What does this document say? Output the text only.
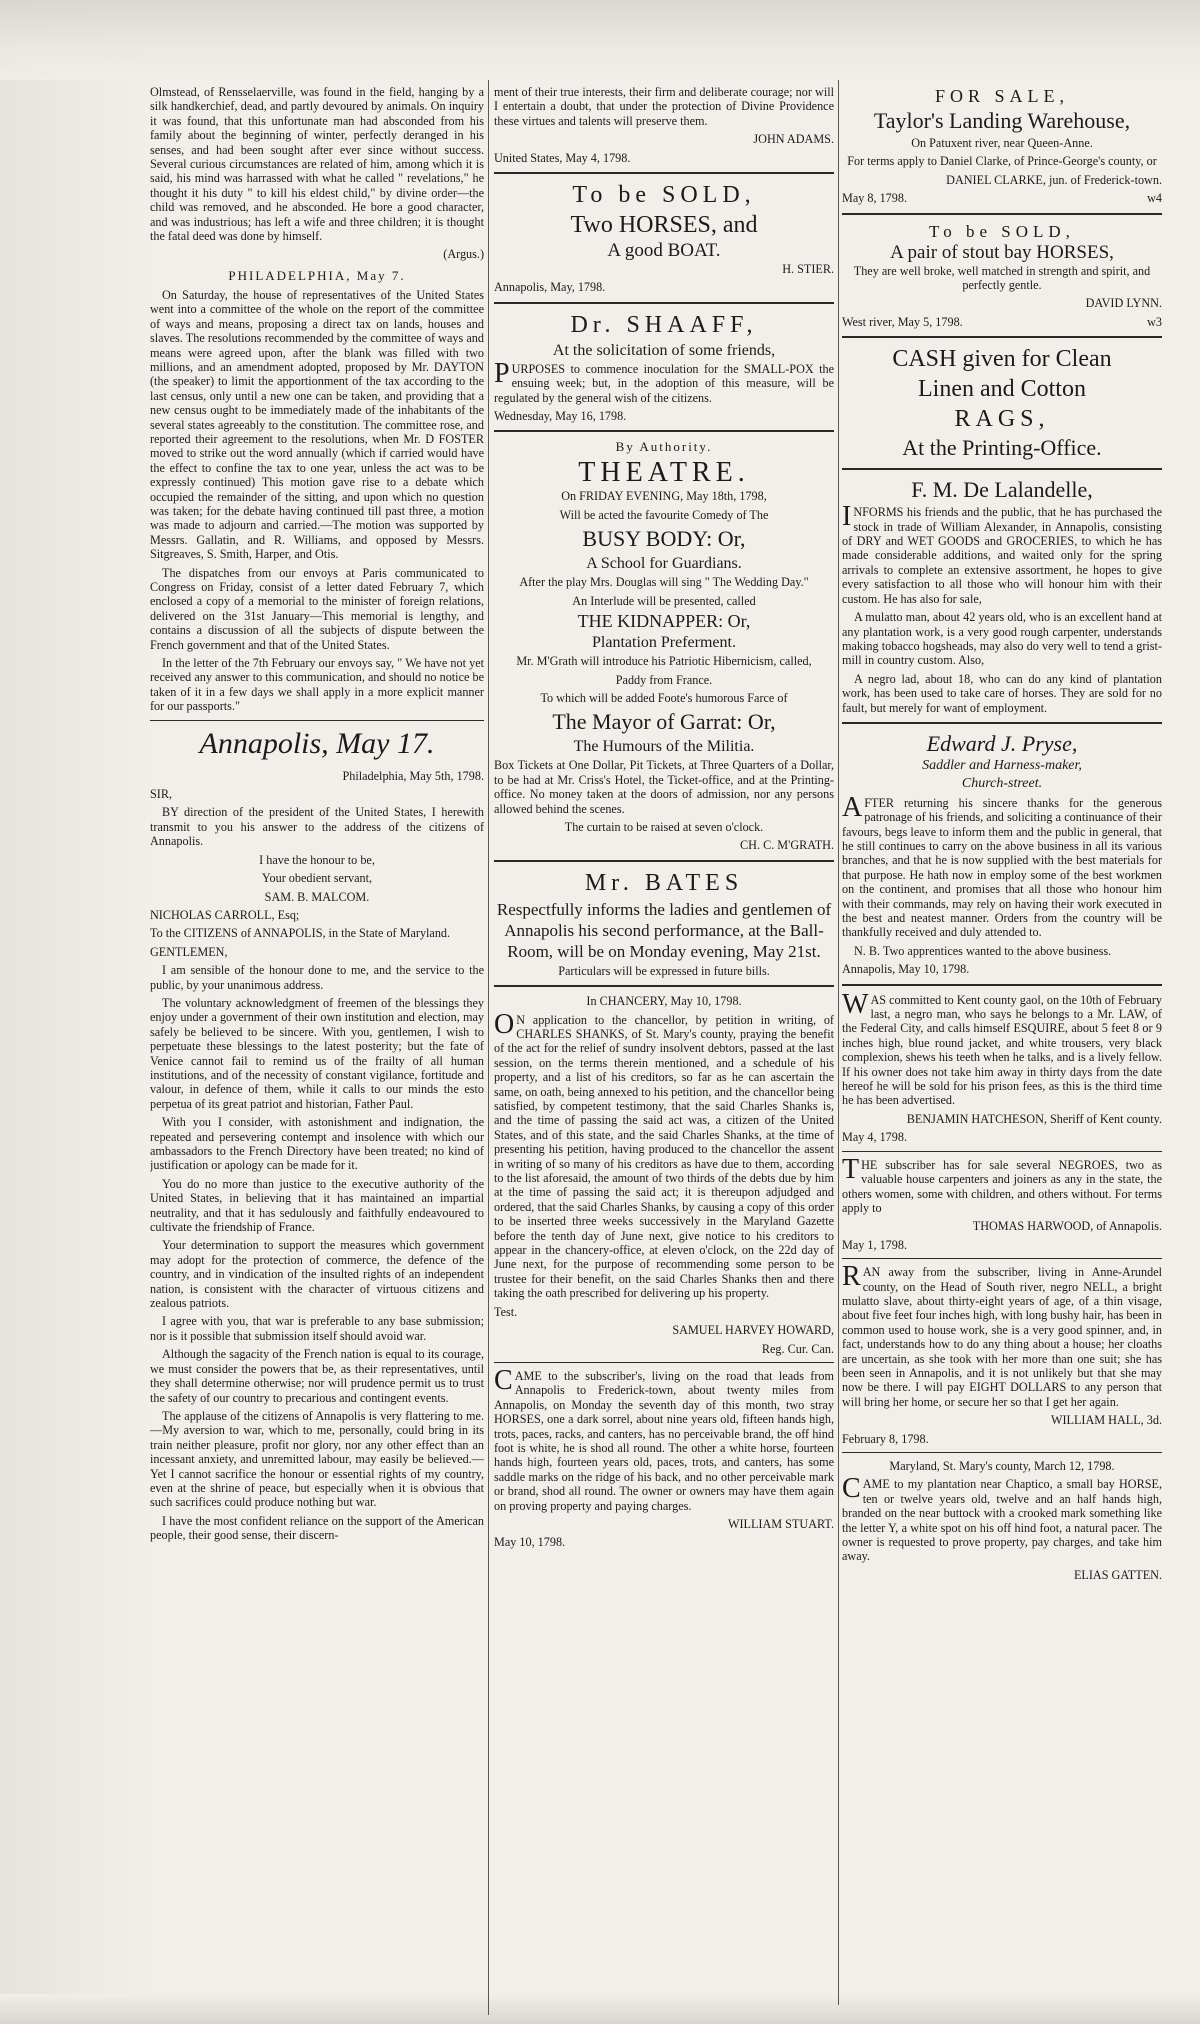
Olmstead, of Rensselaerville, was found in the field, hanging by a silk handkerchief, dead, and partly devoured by animals. On inquiry it was found, that this unfortunate man had absconded from his family about the beginning of winter, perfectly deranged in his senses, and had been sought after ever since without success. Several curious circumstances are related of him, among which it is said, his mind was harrassed with what he called " revelations," he thought it his duty " to kill his eldest child," by divine order—the child was removed, and he absconded. He bore a good character, and was industrious; has left a wife and three children; it is thought the fatal deed was done by himself.

(Argus.)

PHILADELPHIA, May 7.

On Saturday, the house of representatives of the United States went into a committee of the whole on the report of the committee of ways and means, proposing a direct tax on lands, houses and slaves. The resolutions recommended by the committee of ways and means were agreed upon, after the blank was filled with two millions, and an amendment adopted, proposed by Mr. DAYTON (the speaker) to limit the apportionment of the tax according to the last census, only until a new one can be taken, and providing that a new census ought to be immediately made of the inhabitants of the several states agreeably to the constitution. The committee rose, and reported their agreement to the resolutions, when Mr. D FOSTER moved to strike out the word annually (which if carried would have the effect to confine the tax to one year, unless the act was to be expressly continued) This motion gave rise to a debate which occupied the remainder of the sitting, and upon which no question was taken; for the debate having continued till past three, a motion was made to adjourn and carried.—The motion was supported by Messrs. Gallatin, and R. Williams, and opposed by Messrs. Sitgreaves, S. Smith, Harper, and Otis.

The dispatches from our envoys at Paris communicated to Congress on Friday, consist of a letter dated February 7, which enclosed a copy of a memorial to the minister of foreign relations, delivered on the 31st January—This memorial is lengthy, and contains a discussion of all the subjects of dispute between the French government and that of the United States.

In the letter of the 7th February our envoys say, " We have not yet received any answer to this communication, and should no notice be taken of it in a few days we shall apply in a more explicit manner for our passports."

Annapolis, May 17.

Philadelphia, May 5th, 1798.

SIR,

BY direction of the president of the United States, I herewith transmit to you his answer to the address of the citizens of Annapolis.

I have the honour to be,

Your obedient servant,

SAM. B. MALCOM.

NICHOLAS CARROLL, Esq;

To the CITIZENS of ANNAPOLIS, in the State of Maryland.

GENTLEMEN,

I am sensible of the honour done to me, and the service to the public, by your unanimous address.

The voluntary acknowledgment of freemen of the blessings they enjoy under a government of their own institution and election, may safely be believed to be sincere. With you, gentlemen, I wish to perpetuate these blessings to the latest posterity; but the fate of Venice cannot fail to remind us of the frailty of all human institutions, and of the necessity of constant vigilance, fortitude and valour, in defence of them, while it calls to our minds the esto perpetua of its great patriot and historian, Father Paul.

With you I consider, with astonishment and indignation, the repeated and persevering contempt and insolence with which our ambassadors to the French Directory have been treated; no kind of justification or apology can be made for it.

You do no more than justice to the executive authority of the United States, in believing that it has maintained an impartial neutrality, and that it has sedulously and faithfully endeavoured to cultivate the friendship of France.

Your determination to support the measures which government may adopt for the protection of commerce, the defence of the country, and in vindication of the insulted rights of an independent nation, is consistent with the character of virtuous citizens and zealous patriots.

I agree with you, that war is preferable to any base submission; nor is it possible that submission itself should avoid war.

Although the sagacity of the French nation is equal to its courage, we must consider the powers that be, as their representatives, until they shall determine otherwise; nor will prudence permit us to trust the safety of our country to precarious and contingent events.

The applause of the citizens of Annapolis is very flattering to me.—My aversion to war, which to me, personally, could bring in its train neither pleasure, profit nor glory, nor any other effect than an incessant anxiety, and unremitted labour, may easily be believed.—Yet I cannot sacrifice the honour or essential rights of my country, even at the shrine of peace, but especially when it is obvious that such sacrifices could produce nothing but war.

I have the most confident reliance on the support of the American people, their good sense, their discern-

ment of their true interests, their firm and deliberate courage; nor will I entertain a doubt, that under the protection of Divine Providence these virtues and talents will preserve them.

JOHN ADAMS.

United States, May 4, 1798.

To be SOLD,
Two HORSES, and
A good BOAT.

H. STIER.

Annapolis, May, 1798.

Dr. SHAAFF,
At the solicitation of some friends,

PURPOSES to commence inoculation for the SMALL-POX the ensuing week; but, in the adoption of this measure, will be regulated by the general wish of the citizens.

Wednesday, May 16, 1798.

By Authority.
THEATRE.

On FRIDAY EVENING, May 18th, 1798,

Will be acted the favourite Comedy of The

BUSY BODY: Or,
A School for Guardians.

After the play Mrs. Douglas will sing " The Wedding Day."

An Interlude will be presented, called

THE KIDNAPPER: Or,
Plantation Preferment.

Mr. M'Grath will introduce his Patriotic Hibernicism, called,

Paddy from France.

To which will be added Foote's humorous Farce of

The Mayor of Garrat: Or,
The Humours of the Militia.

Box Tickets at One Dollar, Pit Tickets, at Three Quarters of a Dollar, to be had at Mr. Criss's Hotel, the Ticket-office, and at the Printing-office. No money taken at the doors of admission, nor any persons allowed behind the scenes.

The curtain to be raised at seven o'clock.

CH. C. M'GRATH.

Mr. BATES
Respectfully informs the ladies and gentlemen of Annapolis his second performance, at the Ball-Room, will be on Monday evening, May 21st.

Particulars will be expressed in future bills.

In CHANCERY, May 10, 1798.

ON application to the chancellor, by petition in writing, of CHARLES SHANKS, of St. Mary's county, praying the benefit of the act for the relief of sundry insolvent debtors, passed at the last session, on the terms therein mentioned, and a schedule of his property, and a list of his creditors, so far as he can ascertain the same, on oath, being annexed to his petition, and the chancellor being satisfied, by competent testimony, that the said Charles Shanks is, and the time of passing the said act was, a citizen of the United States, and of this state, and the said Charles Shanks, at the time of presenting his petition, having produced to the chancellor the assent in writing of so many of his creditors as have due to them, according to the list aforesaid, the amount of two thirds of the debts due by him at the time of passing the said act; it is thereupon adjudged and ordered, that the said Charles Shanks, by causing a copy of this order to be inserted three weeks successively in the Maryland Gazette before the tenth day of June next, give notice to his creditors to appear in the chancery-office, at eleven o'clock, on the 22d day of June next, for the purpose of recommending some person to be trustee for their benefit, on the said Charles Shanks then and there taking the oath prescribed for delivering up his property.

Test.

SAMUEL HARVEY HOWARD,

Reg. Cur. Can.

CAME to the subscriber's, living on the road that leads from Annapolis to Frederick-town, about twenty miles from Annapolis, on Monday the seventh day of this month, two stray HORSES, one a dark sorrel, about nine years old, fifteen hands high, trots, paces, racks, and canters, has no perceivable brand, the off hind foot is white, he is shod all round. The other a white horse, fourteen hands high, fourteen years old, paces, trots, and canters, has some saddle marks on the ridge of his back, and no other perceivable mark or brand, shod all round. The owner or owners may have them again on proving property and paying charges.

WILLIAM STUART.

May 10, 1798.

FOR SALE,
Taylor's Landing Warehouse,

On Patuxent river, near Queen-Anne.

For terms apply to Daniel Clarke, of Prince-George's county, or

DANIEL CLARKE, jun. of Frederick-town.

May 8, 1798.	w4

To be SOLD,
A pair of stout bay HORSES,

They are well broke, well matched in strength and spirit, and perfectly gentle.

DAVID LYNN.

West river, May 5, 1798.	w3

CASH given for Clean
Linen and Cotton
RAGS,
At the Printing-Office.
F. M. De Lalandelle,

INFORMS his friends and the public, that he has purchased the stock in trade of William Alexander, in Annapolis, consisting of DRY and WET GOODS and GROCERIES, to which he has made considerable additions, and waited only for the spring arrivals to complete an extensive assortment, he hopes to give every satisfaction to all those who will honour him with their custom. He has also for sale,

A mulatto man, about 42 years old, who is an excellent hand at any plantation work, is a very good rough carpenter, understands making tobacco hogsheads, may also do very well to tend a grist-mill in country custom. Also,

A negro lad, about 18, who can do any kind of plantation work, has been used to take care of horses. They are sold for no fault, but merely for want of employment.

Edward J. Pryse,

Saddler and Harness-maker,

Church-street.

AFTER returning his sincere thanks for the generous patronage of his friends, and soliciting a continuance of their favours, begs leave to inform them and the public in general, that he still continues to carry on the above business in all its various branches, and that he is now supplied with the best materials for that purpose. He hath now in employ some of the best workmen on the continent, and promises that all those who honour him with their commands, may rely on having their work executed in the best and neatest manner. Orders from the country will be thankfully received and duly attended to.

N. B. Two apprentices wanted to the above business.

Annapolis, May 10, 1798.

WAS committed to Kent county gaol, on the 10th of February last, a negro man, who says he belongs to a Mr. LAW, of the Federal City, and calls himself ESQUIRE, about 5 feet 8 or 9 inches high, blue round jacket, and white trousers, very black complexion, shews his teeth when he talks, and is a lively fellow. If his owner does not take him away in thirty days from the date hereof he will be sold for his prison fees, as this is the third time he has been advertised.

BENJAMIN HATCHESON, Sheriff of Kent county.

May 4, 1798.

THE subscriber has for sale several NEGROES, two as valuable house carpenters and joiners as any in the state, the others women, some with children, and others without. For terms apply to

THOMAS HARWOOD, of Annapolis.

May 1, 1798.

RAN away from the subscriber, living in Anne-Arundel county, on the Head of South river, negro NELL, a bright mulatto slave, about thirty-eight years of age, of a thin visage, about five feet four inches high, with long bushy hair, has been in common used to house work, she is a very good spinner, and, in fact, understands how to do any thing about a house; her cloaths are uncertain, as she took with her more than one suit; she has been seen in Annapolis, and it is not unlikely but that she may now be there. I will pay EIGHT DOLLARS to any person that will bring her home, or secure her so that I get her again.

WILLIAM HALL, 3d.

February 8, 1798.

Maryland, St. Mary's county, March 12, 1798.

CAME to my plantation near Chaptico, a small bay HORSE, ten or twelve years old, twelve and an half hands high, branded on the near buttock with a crooked mark something like the letter Y, a white spot on his off hind foot, a natural pacer. The owner is requested to prove property, pay charges, and take him away.

ELIAS GATTEN.
